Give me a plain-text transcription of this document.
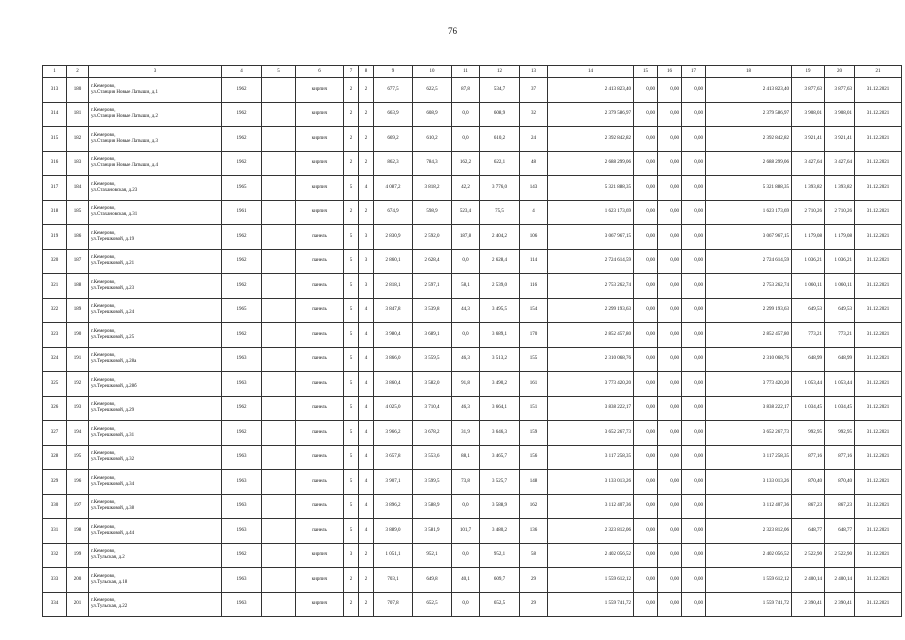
76
1	2	3	4	5	6	7	8	9	10	11	12	13	14	15	16	17	18	19	20	21
313	180	г.Кемерово,
ул.Станция Новые Латыши, д.1	1962		кирпич	2	2	677,5	622,5	87,8	534,7	37	2 413 823,40	0,00	0,00	0,00	2 413 823,40	3 877,63	3 877,63	31.12.2021
314	181	г.Кемерово,
ул.Станция Новые Латыши, д.2	1962		кирпич	2	2	663,9	608,9	0,0	608,9	32	2 379 586,97	0,00	0,00	0,00	2 379 586,97	3 908,01	3 908,01	31.12.2021
315	182	г.Кемерово,
ул.Станция Новые Латыши, д.3	1962		кирпич	2	2	669,2	610,2	0,0	610,2	24	2 392 842,82	0,00	0,00	0,00	2 392 842,82	3 921,41	3 921,41	31.12.2021
316	183	г.Кемерово,
ул.Станция Новые Латыши, д.4	1962		кирпич	2	2	862,3	784,3	162,2	622,1	48	2 688 299,06	0,00	0,00	0,00	2 688 299,06	3 427,64	3 427,64	31.12.2021
317	184	г.Кемерово,
ул.Стахановская, д.23	1965		кирпич	5	4	4 087,2	3 818,2	42,2	3 776,0	143	5 321 888,35	0,00	0,00	0,00	5 321 888,35	1 393,82	1 393,82	31.12.2021
318	185	г.Кемерово,
ул.Стахановская, д.31	1961		кирпич	2	2	674,9	598,9	523,4	75,5	4	1 623 173,69	0,00	0,00	0,00	1 623 173,69	2 710,26	2 710,26	31.12.2021
319	186	г.Кемерово,
ул.Терешковой, д.19	1962		панель	5	3	2 830,9	2 592,0	187,8	2 404,2	106	3 067 967,15	0,00	0,00	0,00	3 067 967,15	1 179,08	1 179,08	31.12.2021
320	187	г.Кемерово,
ул.Терешковой, д.21	1962		панель	5	3	2 860,1	2 628,4	0,0	2 628,4	114	2 724 614,59	0,00	0,00	0,00	2 724 614,59	1 036,21	1 036,21	31.12.2021
321	188	г.Кемерово,
ул.Терешковой, д.23	1962		панель	5	3	2 818,1	2 597,1	58,1	2 539,0	116	2 753 262,74	0,00	0,00	0,00	2 753 262,74	1 060,11	1 060,11	31.12.2021
322	189	г.Кемерово,
ул.Терешковой, д.24	1965		панель	5	4	3 847,8	3 539,8	44,3	3 495,5	154	2 299 193,63	0,00	0,00	0,00	2 299 193,63	649,53	649,53	31.12.2021
323	190	г.Кемерово,
ул.Терешковой, д.25	1962		панель	5	4	3 980,4	3 689,1	0,0	3 689,1	170	2 852 457,80	0,00	0,00	0,00	2 852 457,80	773,21	773,21	31.12.2021
324	191	г.Кемерово,
ул.Терешковой, д.28а	1963		панель	5	4	3 866,0	3 559,5	46,3	3 513,2	155	2 310 068,76	0,00	0,00	0,00	2 310 068,76	648,99	648,99	31.12.2021
325	192	г.Кемерово,
ул.Терешковой, д.28б	1963		панель	5	4	3 860,4	3 582,0	91,8	3 490,2	161	3 773 420,20	0,00	0,00	0,00	3 773 420,20	1 053,44	1 053,44	31.12.2021
326	193	г.Кемерово,
ул.Терешковой, д.29	1962		панель	5	4	4 025,0	3 710,4	46,3	3 664,1	151	3 838 222,17	0,00	0,00	0,00	3 838 222,17	1 034,45	1 034,45	31.12.2021
327	194	г.Кемерово,
ул.Терешковой, д.31	1962		панель	5	4	3 966,2	3 678,2	31,9	3 646,3	159	3 652 267,73	0,00	0,00	0,00	3 652 267,73	992,95	992,95	31.12.2021
328	195	г.Кемерово,
ул.Терешковой, д.32	1963		панель	5	4	3 657,8	3 553,6	88,1	3 465,7	156	3 117 258,35	0,00	0,00	0,00	3 117 258,35	877,16	877,16	31.12.2021
329	196	г.Кемерово,
ул.Терешковой, д.34	1963		панель	5	4	3 907,1	3 599,5	73,8	3 525,7	148	3 133 013,26	0,00	0,00	0,00	3 133 013,26	870,40	870,40	31.12.2021
330	197	г.Кемерово,
ул.Терешковой, д.38	1963		панель	5	4	3 896,2	3 588,9	0,0	3 588,9	162	3 112 407,36	0,00	0,00	0,00	3 112 407,36	867,23	867,23	31.12.2021
331	198	г.Кемерово,
ул.Терешковой, д.44	1963		панель	5	4	3 889,0	3 581,9	101,7	3 480,2	136	2 323 812,06	0,00	0,00	0,00	2 323 812,06	648,77	648,77	31.12.2021
332	199	г.Кемерово,
ул.Тульская, д.2	1962		кирпич	3	2	1 051,1	952,1	0,0	952,1	58	2 402 056,52	0,00	0,00	0,00	2 402 056,52	2 522,90	2 522,90	31.12.2021
333	200	г.Кемерово,
ул.Тульская, д.18	1963		кирпич	2	2	703,1	649,8	40,1	609,7	29	1 559 612,12	0,00	0,00	0,00	1 559 612,12	2 400,14	2 400,14	31.12.2021
334	201	г.Кемерово,
ул.Тульская, д.22	1963		кирпич	2	2	707,8	652,5	0,0	652,5	29	1 559 741,72	0,00	0,00	0,00	1 559 741,72	2 390,41	2 390,41	31.12.2021
